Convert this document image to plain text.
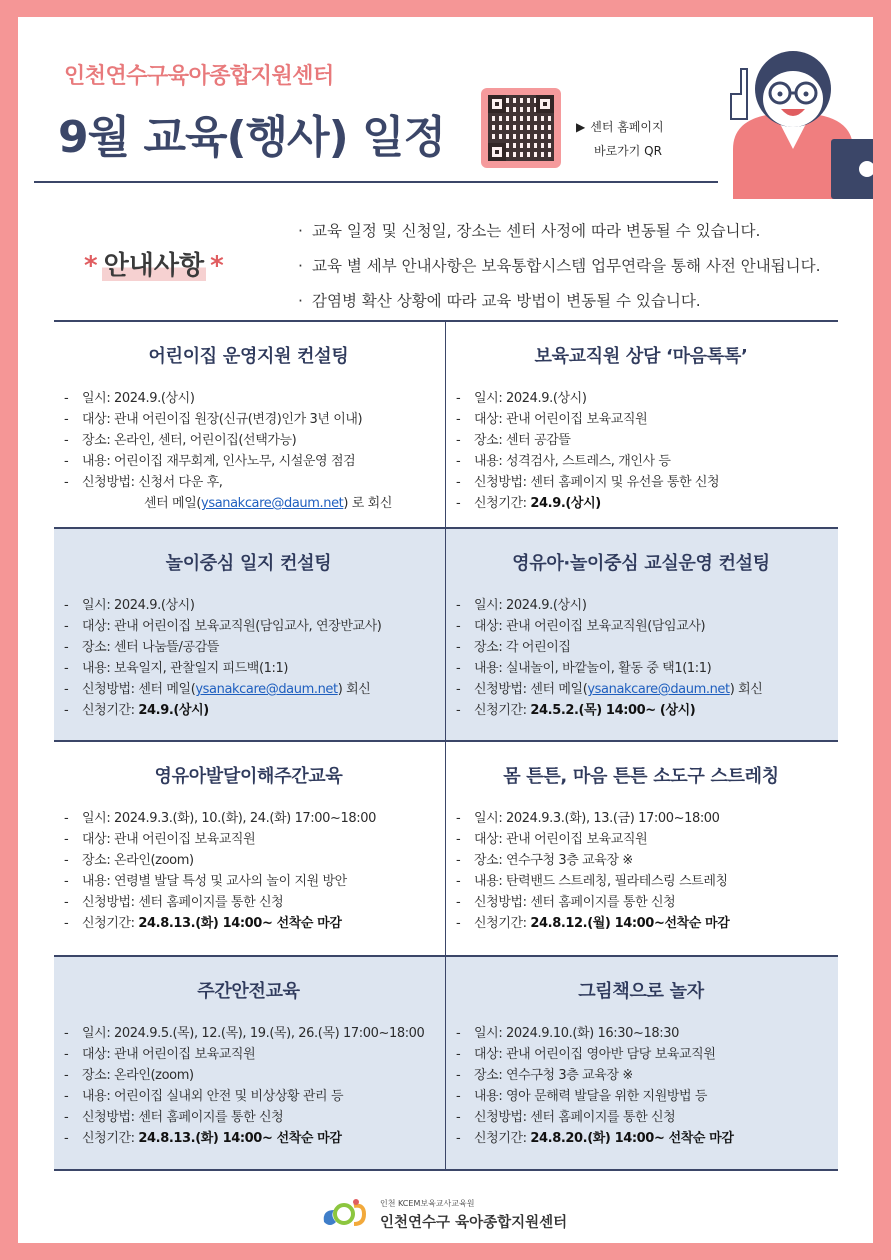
인천연수구육아종합지원센터
9월 교육(행사) 일정	▶ 센터 홈페이지
바로가기 QR
* 안내사항 *
· 교육 일정 및 신청일, 장소는 센터 사정에 따라 변동될 수 있습니다.
· 교육 별 세부 안내사항은 보육통합시스템 업무연락을 통해 사전 안내됩니다.
· 감염병 확산 상황에 따라 교육 방법이 변동될 수 있습니다.
어린이집 운영지원 컨설팅
- 일시: 2024.9.(상시)
- 대상: 관내 어린이집 원장(신규(변경)인가 3년 이내)
- 장소: 온라인, 센터, 어린이집(선택가능)
- 내용: 어린이집 재무회계, 인사노무, 시설운영 점검
- 신청방법: 신청서 다운 후,
센터 메일(ysanakcare@daum.net) 로 회신
보육교직원 상담 ‘마음톡톡’
- 일시: 2024.9.(상시)
- 대상: 관내 어린이집 보육교직원
- 장소: 센터 공감뜰
- 내용: 성격검사, 스트레스, 개인사 등
- 신청방법: 센터 홈페이지 및 유선을 통한 신청
- 신청기간: 24.9.(상시)
놀이중심 일지 컨설팅
- 일시: 2024.9.(상시)
- 대상: 관내 어린이집 보육교직원(담임교사, 연장반교사)
- 장소: 센터 나눔뜰/공감뜰
- 내용: 보육일지, 관찰일지 피드백(1:1)
- 신청방법: 센터 메일(ysanakcare@daum.net) 회신
- 신청기간: 24.9.(상시)
영유아·놀이중심 교실운영 컨설팅
- 일시: 2024.9.(상시)
- 대상: 관내 어린이집 보육교직원(담임교사)
- 장소: 각 어린이집
- 내용: 실내놀이, 바깥놀이, 활동 중 택1(1:1)
- 신청방법: 센터 메일(ysanakcare@daum.net) 회신
- 신청기간: 24.5.2.(목) 14:00~ (상시)
영유아발달이해주간교육
- 일시: 2024.9.3.(화), 10.(화), 24.(화) 17:00~18:00
- 대상: 관내 어린이집 보육교직원
- 장소: 온라인(zoom)
- 내용: 연령별 발달 특성 및 교사의 놀이 지원 방안
- 신청방법: 센터 홈페이지를 통한 신청
- 신청기간: 24.8.13.(화) 14:00~ 선착순 마감
몸 튼튼, 마음 튼튼 소도구 스트레칭
- 일시: 2024.9.3.(화), 13.(금) 17:00~18:00
- 대상: 관내 어린이집 보육교직원
- 장소: 연수구청 3층 교육장 ※
- 내용: 탄력밴드 스트레칭, 필라테스링 스트레칭
- 신청방법: 센터 홈페이지를 통한 신청
- 신청기간: 24.8.12.(월) 14:00~선착순 마감
주간안전교육
- 일시: 2024.9.5.(목), 12.(목), 19.(목), 26.(목) 17:00~18:00
- 대상: 관내 어린이집 보육교직원
- 장소: 온라인(zoom)
- 내용: 어린이집 실내외 안전 및 비상상황 관리 등
- 신청방법: 센터 홈페이지를 통한 신청
- 신청기간: 24.8.13.(화) 14:00~ 선착순 마감
그림책으로 놀자
- 일시: 2024.9.10.(화) 16:30~18:30
- 대상: 관내 어린이집 영아반 담당 보육교직원
- 장소: 연수구청 3층 교육장 ※
- 내용: 영아 문해력 발달을 위한 지원방법 등
- 신청방법: 센터 홈페이지를 통한 신청
- 신청기간: 24.8.20.(화) 14:00~ 선착순 마감
인천 KCEM보육교사교육원
인천연수구 육아종합지원센터
